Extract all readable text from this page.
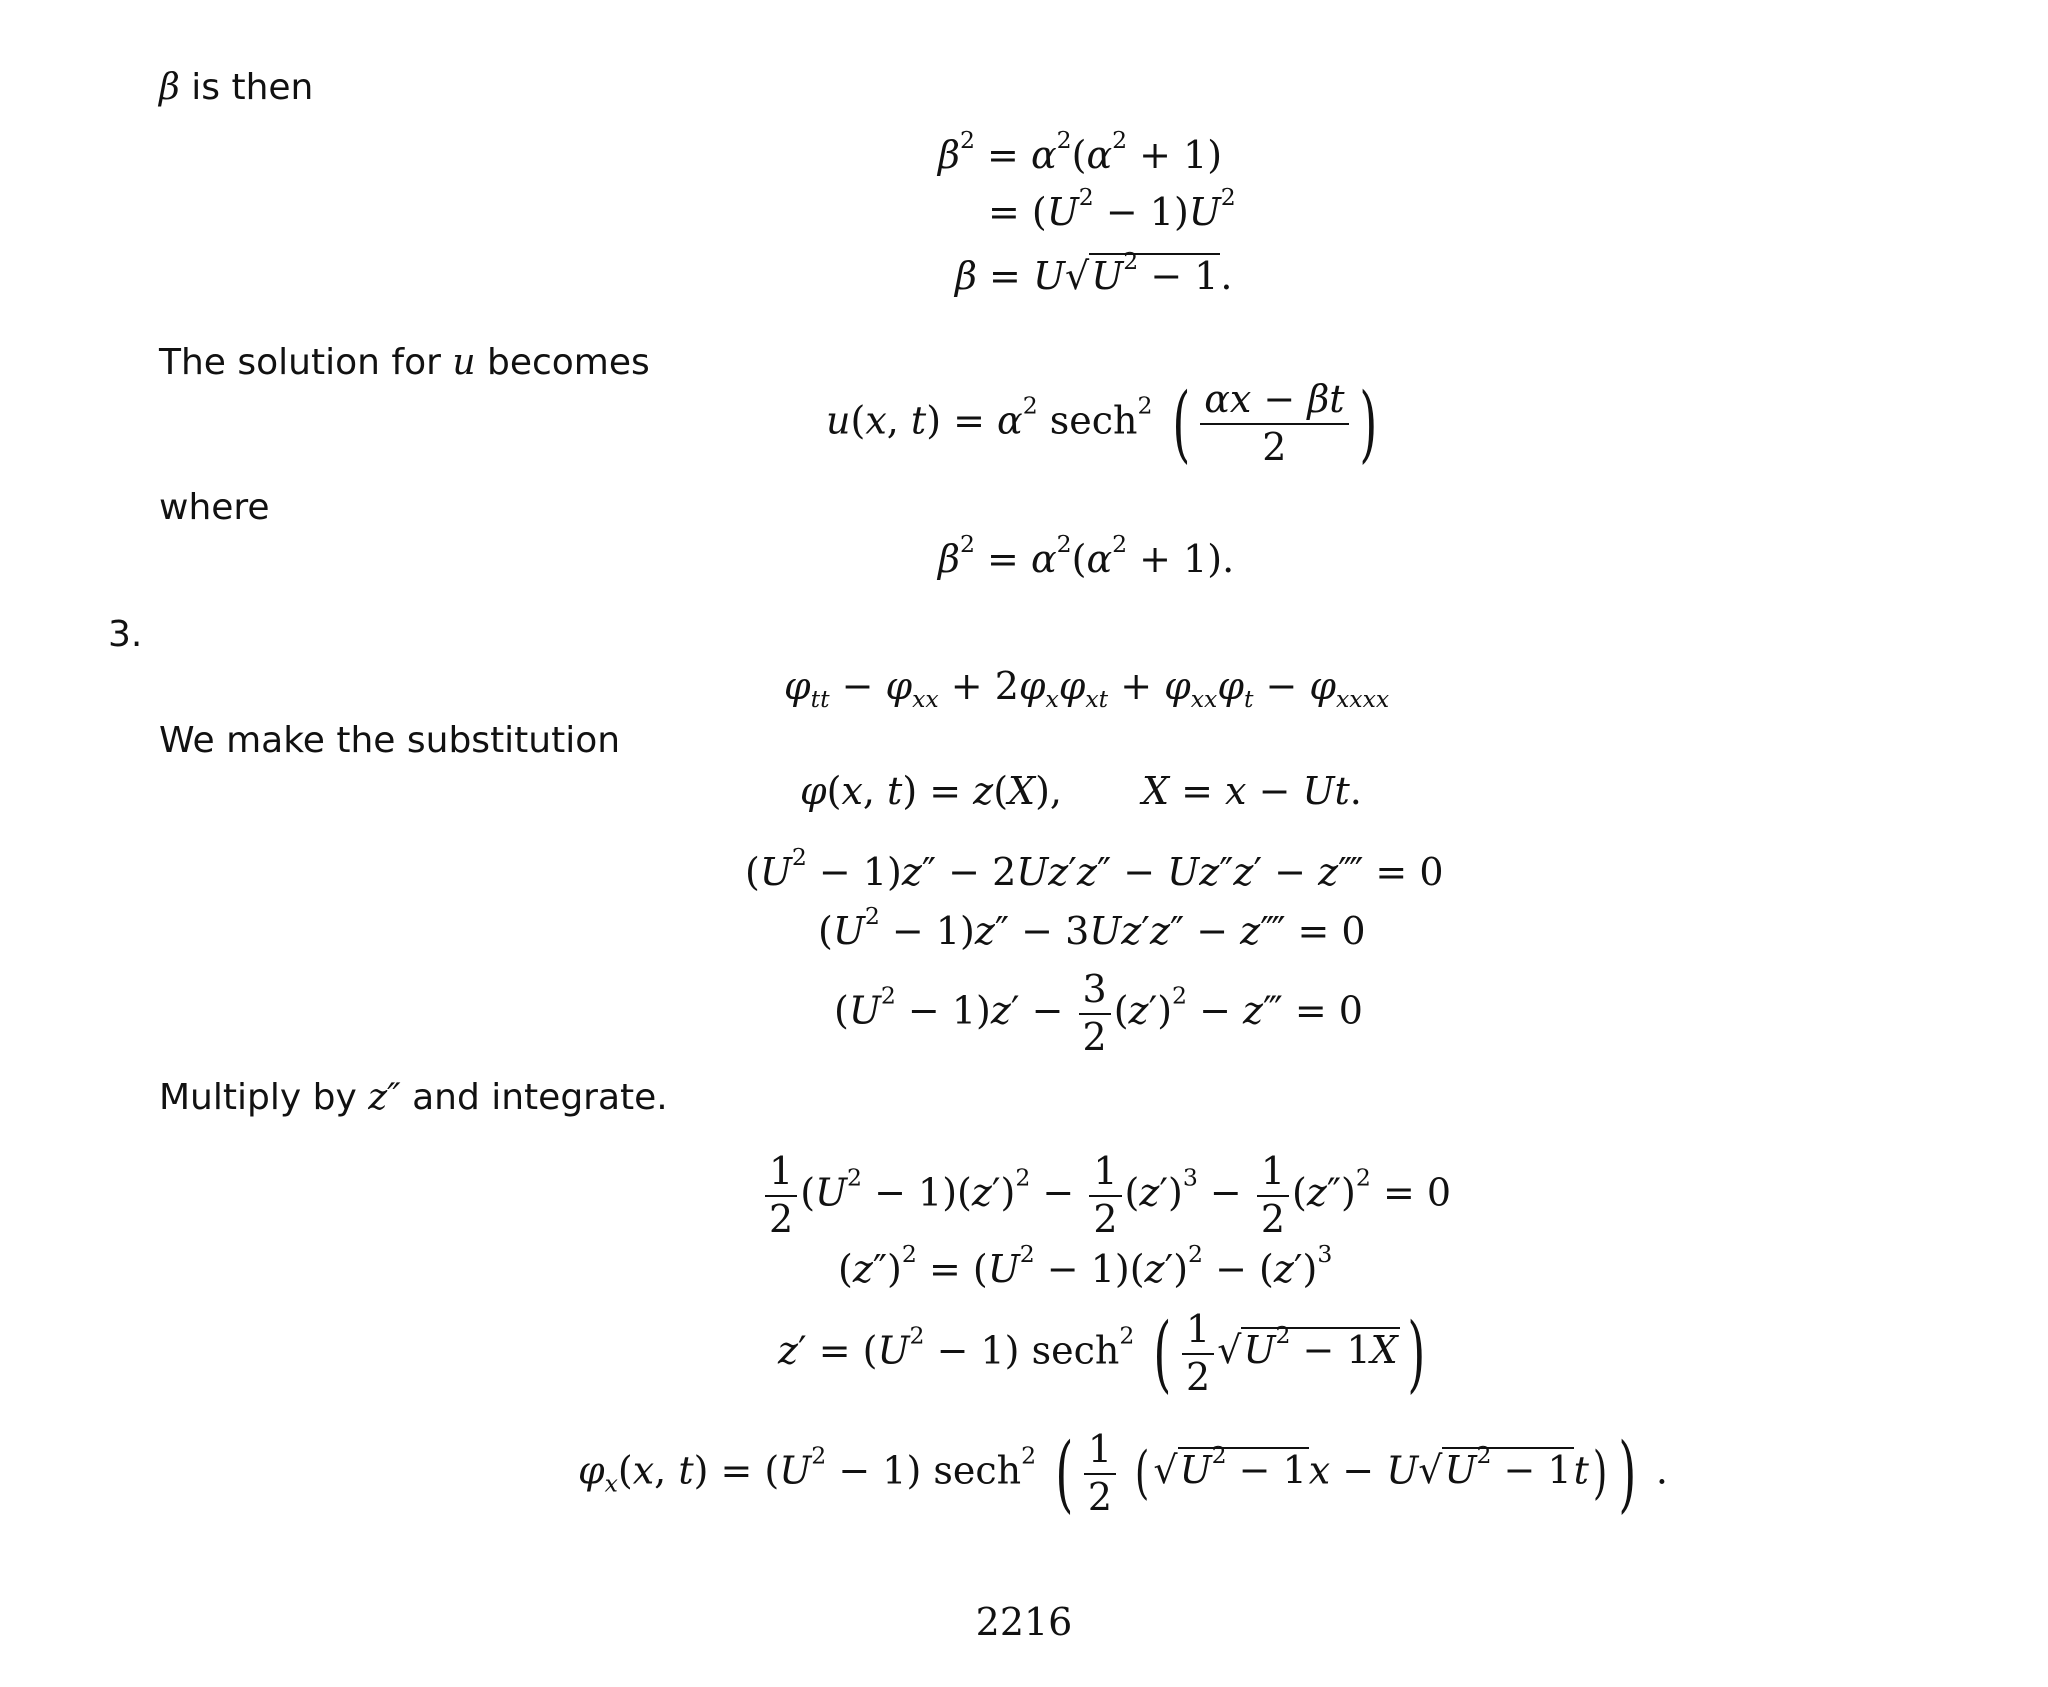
β is then
The solution for u becomes
where
3.
We make the substitution
Multiply by z″ and integrate.
$\beta^2 = \alpha^2(\alpha^2 + 1)$
= $(U^2 - 1)U^2$
$\beta = U√U^2 - 1$.
u(x, $t) = \alpha^2$ sech$^2$ ( $\frac{\alpha x - \beta t}{2}$ )
$\beta^2 = \alpha^2(\alpha^2 + 1)$.
$\varphi_{tt} - \varphi_{xx} + 2\varphi_x\varphi_{xt} + \varphi_{xx}\varphi_t - \varphi_{xxxx}$
φ(x, t) = z(X), X = x − Ut.
$(U^2 - 1)z'' - 2Uz'z'' - Uz''z'$ − z⁗ = 0
$(U^2 - 1)z'' - 3Uz'z''$ − z⁗ = 0
$(U^2 - 1)z' - \frac{3}{2} (z')^2$ − z‴ = 0
$\frac{1}{2} (U^2 - 1)(z')^2 - \frac{1}{2} (z')^3 - \frac{1}{2} (z'')^2 = 0$
$(z'')^2 = (U^2 - 1)(z')^2 - (z')^3$
$z' = (U^2 - 1)$ sech$^2$ ( $\frac{1}{2} √U^2 - 1X$ )
$\varphi_x(x$, $t) = (U^2 - 1)$ sech$^2$ ( $\frac{1}{2}$ ( $√U^2 - 1x - U√U^2 - 1t$) ) .
2216
